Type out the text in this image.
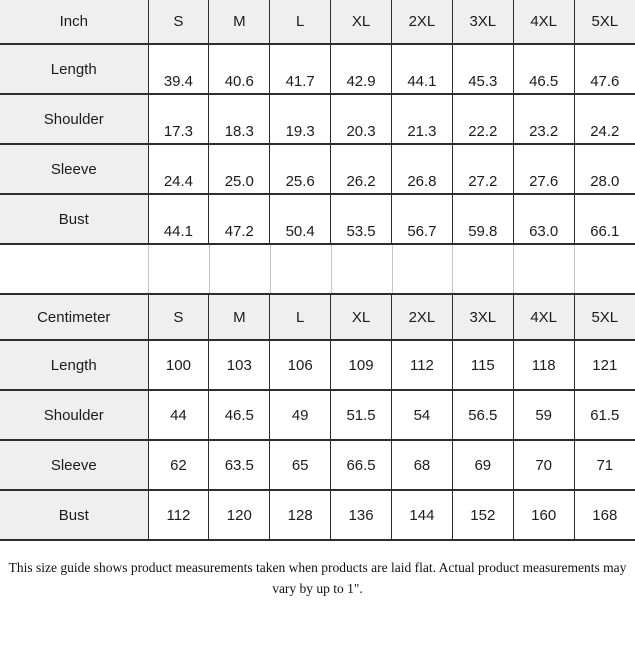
Inch	S	M	L	XL	2XL	3XL	4XL	5XL
Length	39.4	40.6	41.7	42.9	44.1	45.3	46.5	47.6
Shoulder	17.3	18.3	19.3	20.3	21.3	22.2	23.2	24.2
Sleeve	24.4	25.0	25.6	26.2	26.8	27.2	27.6	28.0
Bust	44.1	47.2	50.4	53.5	56.7	59.8	63.0	66.1
Centimeter	S	M	L	XL	2XL	3XL	4XL	5XL
Length	100	103	106	109	112	115	118	121
Shoulder	44	46.5	49	51.5	54	56.5	59	61.5
Sleeve	62	63.5	65	66.5	68	69	70	71
Bust	112	120	128	136	144	152	160	168

This size guide shows product measurements taken when products are laid flat. Actual product measurements may vary by up to 1".
